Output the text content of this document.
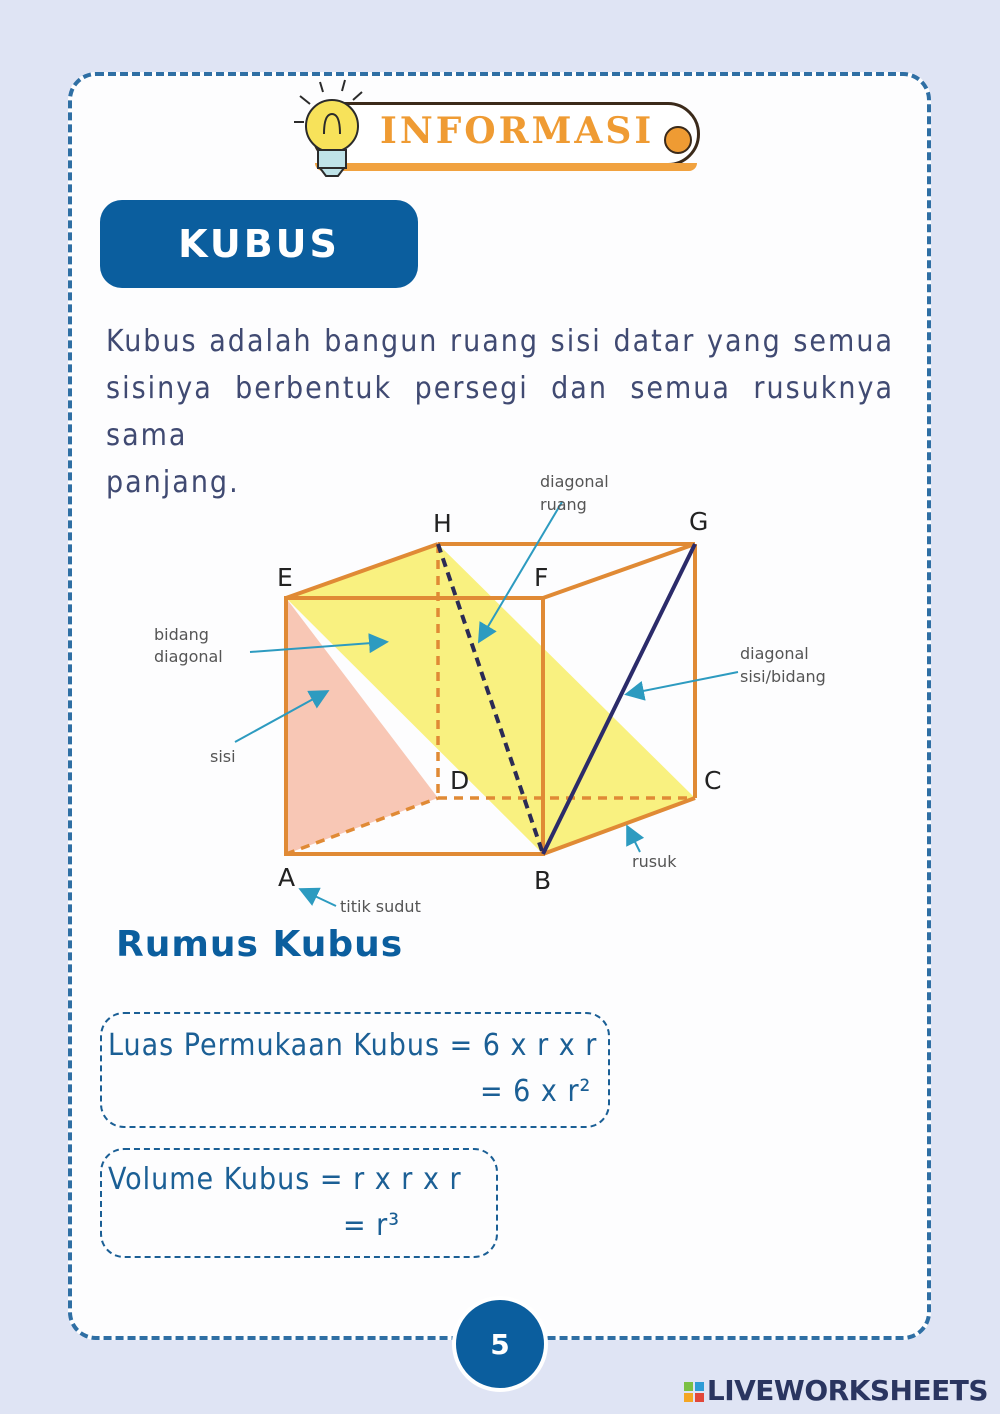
INFORMASI
KUBUS
Kubus adalah bangun ruang sisi datar yang semua
sisinya berbentuk persegi dan semua rusuknya sama
panjang.
A	B
C
D
E	F
G
H
diagonal
ruang
bidang
diagonal
sisi
diagonal
sisi/bidang
rusuk
titik sudut
Rumus Kubus
Luas Permukaan Kubus = 6 x r x r
= 6 x r²
Volume Kubus = r x r x r
= r³
5
LIVEWORKSHEETS
